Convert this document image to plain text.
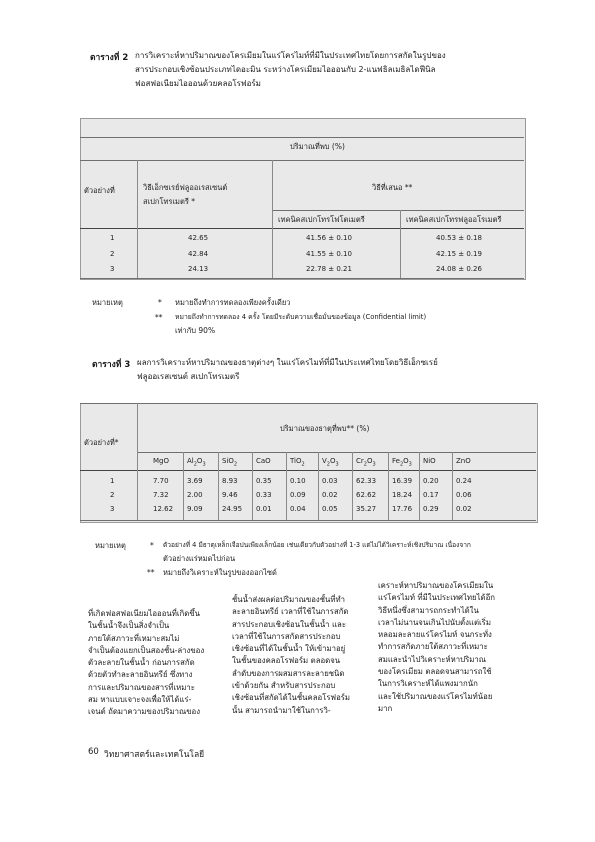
ตารางที่ 2 การวิเคราะห์หาปริมาณของโครเมียมในแร่โครไมท์ที่มีในประเทศไทยโดยการสกัดในรูปของ
สารประกอบเชิงซ้อนประเภทไดอะมิน ระหว่างโครเมียมไอออนกับ 2-แนฟธิลเมธิลไดฟีนิล
ฟอสฟอเนียมไอออนด้วยคลอโรฟอร์ม
ปริมาณที่พบ (%)
ตัวอย่างที่	วิธีเอ็กซเรย์ฟลูออเรสเซนต์
สเปกโทรเมตรี *
วิธีที่เสนอ **
เทคนิคสเปกโทรโฟโตเมตรี	เทคนิคสเปกโทรฟลูออโรเมตรี
1	42.65	41.56 ± 0.10	40.53 ± 0.18
2	42.84	41.55 ± 0.10	42.15 ± 0.19
3	24.13	22.78 ± 0.21	24.08 ± 0.26
หมายเหตุ	* หมายถึงทำการทดลองเพียงครั้งเดียว
** หมายถึงทำการทดลอง 4 ครั้ง โดยมีระดับความเชื่อมั่นของข้อมูล (Confidential limit)
เท่ากับ 90%
ตารางที่ 3 ผลการวิเคราะห์หาปริมาณของธาตุต่างๆ ในแร่โครไมท์ที่มีในประเทศไทยโดยวิธีเอ็กซเรย์
ฟลูออเรสเซนต์ สเปกโทรเมตรี
ปริมาณของธาตุที่พบ** (%)
ตัวอย่างที่*
MgO	$Al_2O_3$ SiO$_2$	CaO	TiO$_2$ $V_2O_3$ $Cr_2O_3$ $Fe_2O_3$ NiO	ZnO
1	7.70	3.69	8.93	0.35	0.10 0.03	62.33 16.39 0.20 0.24
2	7.32	2.00	9.46	0.33	0.09 0.02	62.62 18.24 0.17 0.06
3	12.62 9.09	24.95 0.01	0.04 0.05	35.27 17.76 0.29 0.02
หมายเหตุ	* ตัวอย่างที่ 4 มีธาตุเหล็กเจือปนเพียงเล็กน้อย เช่นเดียวกับตัวอย่างที่ 1-3 แต่ไม่ได้วิเคราะห์เชิงปริมาณ เนื่องจาก
ตัวอย่างแร่หมดไปก่อน
** หมายถึงวิเคราะห์ในรูปของออกไซด์
ที่เกิดฟอสฟอเนียมไอออนที่เกิดขึ้น
ในชั้นน้ำจึงเป็นสิ่งจำเป็น
ภายใต้สภาวะที่เหมาะสมไม่
จำเป็นต้องแยกเป็นสองชั้น-ล่างของ
ตัวละลายในชั้นน้ำ ก่อนการสกัด
ด้วยตัวทำละลายอินทรีย์ ซึ่งทาง
การและปริมาณของสารที่เหมาะ
สม หาแบบเจาะจงเพื่อให้ได้แร่-
เจนต์ ถัดมาความของปริมาณของ
ชั้นน้ำส่งผลต่อปริมาณของชั้นที่ทำ
ละลายอินทรีย์ เวลาที่ใช้ในการสกัด
สารประกอบเชิงซ้อนในชั้นน้ำ และ
เวลาที่ใช้ในการสกัดสารประกอบ
เชิงซ้อนที่ได้ในชั้นน้ำ ให้เข้ามาอยู่
ในชั้นของคลอโรฟอร์ม ตลอดจน
ลำดับของการผสมสารละลายชนิด
เข้าด้วยกัน สำหรับสารประกอบ
เชิงซ้อนที่สกัดได้ในชั้นคลอโรฟอร์ม
นั้น สามารถนำมาใช้ในการวิ-
เคราะห์หาปริมาณของโครเมียมใน
แร่โครไมท์ ที่มีในประเทศไทยได้อีก
วิธีหนึ่งซึ่งสามารถกระทำได้ใน
เวลาไม่นานจนเกินไปนับตั้งแต่เริ่ม
หลอมละลายแร่โครไมท์ จนกระทั่ง
ทำการสกัดภายใต้สภาวะที่เหมาะ
สมและนำไปวิเคราะห์หาปริมาณ
ของโครเมียม ตลอดจนสามารถใช้
ในการวิเคราะห์ได้แพงมากนัก
และใช้ปริมาณของแร่โครไมท์น้อย
มาก
60 วิทยาศาสตร์และเทคโนโลยี
